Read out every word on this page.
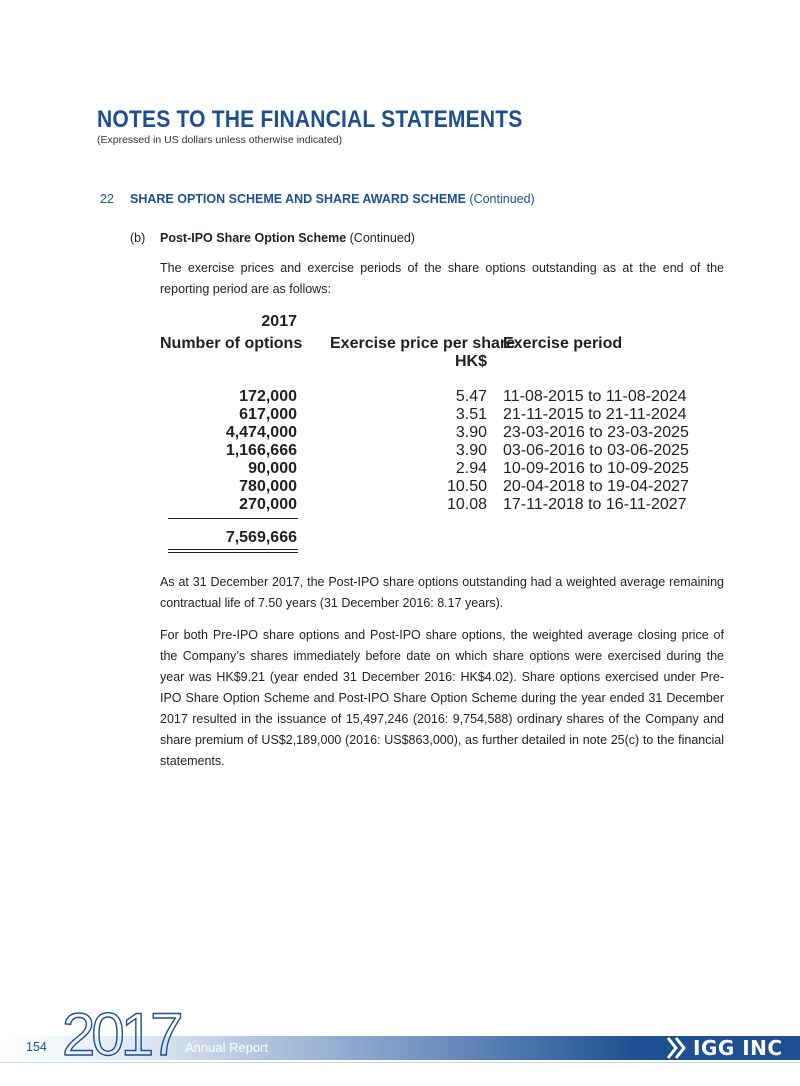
NOTES TO THE FINANCIAL STATEMENTS
(Expressed in US dollars unless otherwise indicated)
22 SHARE OPTION SCHEME AND SHARE AWARD SCHEME (Continued)
(b) Post-IPO Share Option Scheme (Continued)
The exercise prices and exercise periods of the share options outstanding as at the end of the reporting period are as follows:
2017
Number of options Exercise price per share
HK$
Exercise period
172,000	5.47 11-08-2015 to 11-08-2024
617,000	3.51 21-11-2015 to 21-11-2024
4,474,000	3.90 23-03-2016 to 23-03-2025
1,166,666	3.90 03-06-2016 to 03-06-2025
90,000	2.94 10-09-2016 to 10-09-2025
780,000	10.50 20-04-2018 to 19-04-2027
270,000	10.08 17-11-2018 to 16-11-2027
7,569,666
As at 31 December 2017, the Post-IPO share options outstanding had a weighted average remaining contractual life of 7.50 years (31 December 2016: 8.17 years).
For both Pre-IPO share options and Post-IPO share options, the weighted average closing price of the Company’s shares immediately before date on which share options were exercised during the year was HK$9.21 (year ended 31 December 2016: HK$4.02). Share options exercised under Pre-IPO Share Option Scheme and Post-IPO Share Option Scheme during the year ended 31 December 2017 resulted in the issuance of 15,497,246 (2016: 9,754,588) ordinary shares of the Company and share premium of US$2,189,000 (2016: US$863,000), as further detailed in note 25(c) to the financial statements.
2017
154	Annual Report	IGG INC
